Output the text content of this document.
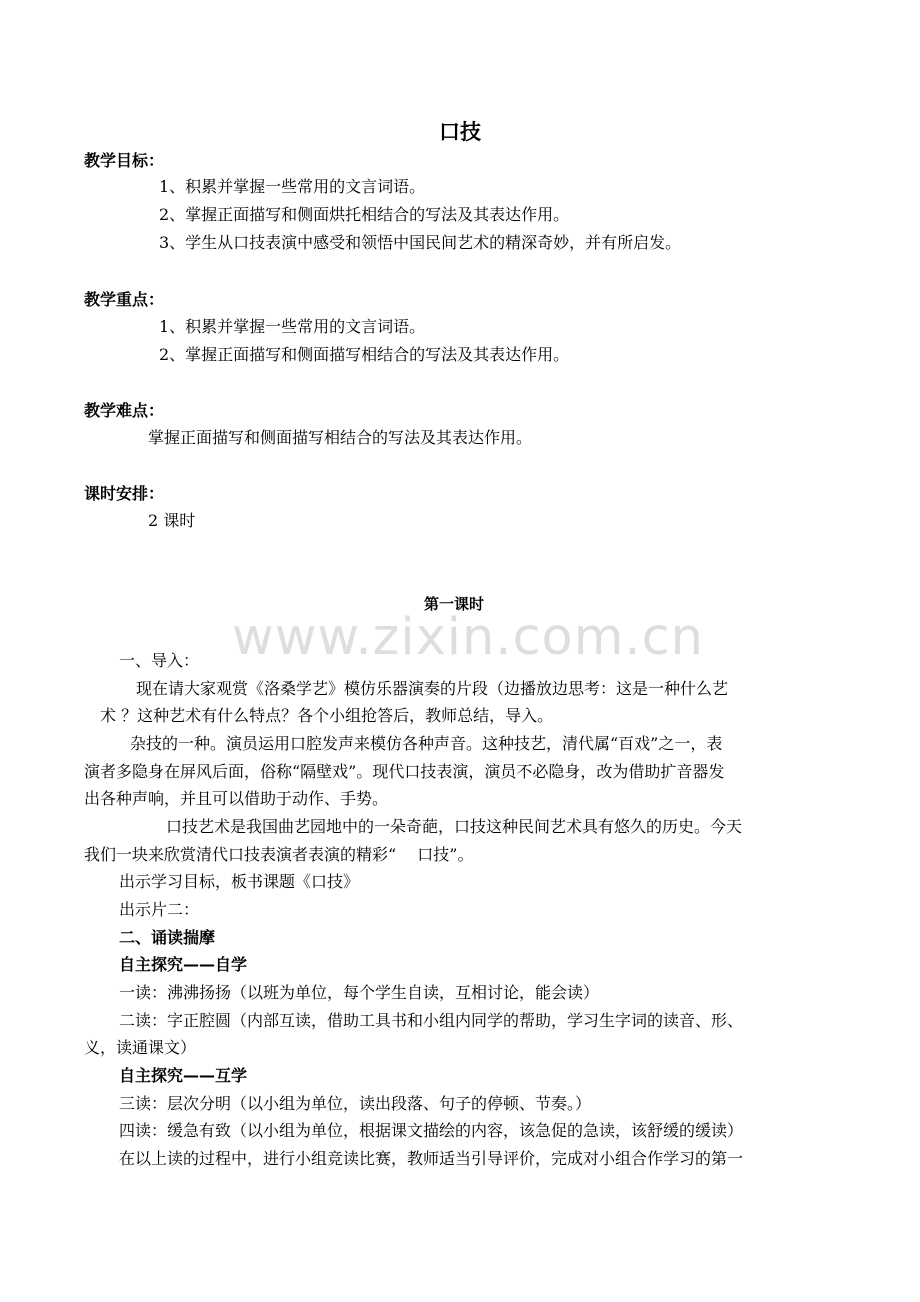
www.zixin.com.cn
口技
教学目标：
1、积累并掌握一些常用的文言词语。
2、掌握正面描写和侧面烘托相结合的写法及其表达作用。
3、学生从口技表演中感受和领悟中国民间艺术的精深奇妙，并有所启发。
教学重点：
1、积累并掌握一些常用的文言词语。
2、掌握正面描写和侧面描写相结合的写法及其表达作用。
教学难点：
掌握正面描写和侧面描写相结合的写法及其表达作用。
课时安排：
2 课时
第一课时
一、导入：
现在请大家观赏《洛桑学艺》模仿乐器演奏的片段（边播放边思考：这是一种什么艺
术 ？这种艺术有什么特点？各个小组抢答后，教师总结，导入。
杂技的一种。演员运用口腔发声来模仿各种声音。这种技艺，清代属“百戏”之一，表
演者多隐身在屏风后面，俗称“隔壁戏”。现代口技表演，演员不必隐身，改为借助扩音器发
出各种声响，并且可以借助于动作、手势。
口技艺术是我国曲艺园地中的一朵奇葩，口技这种民间艺术具有悠久的历史。今天
我们一块来欣赏清代口技表演者表演的精彩“　 口技”。
出示学习目标，板书课题《口技》
出示片二：
二、诵读揣摩
自主探究——自学
一读：沸沸扬扬（以班为单位，每个学生自读，互相讨论，能会读）
二读：字正腔圆（内部互读，借助工具书和小组内同学的帮助，学习生字词的读音、形、
义，读通课文）
自主探究——互学
三读：层次分明（以小组为单位，读出段落、句子的停顿、节奏。）
四读：缓急有致（以小组为单位，根据课文描绘的内容，该急促的急读，该舒缓的缓读）
在以上读的过程中，进行小组竞读比赛，教师适当引导评价，完成对小组合作学习的第一
